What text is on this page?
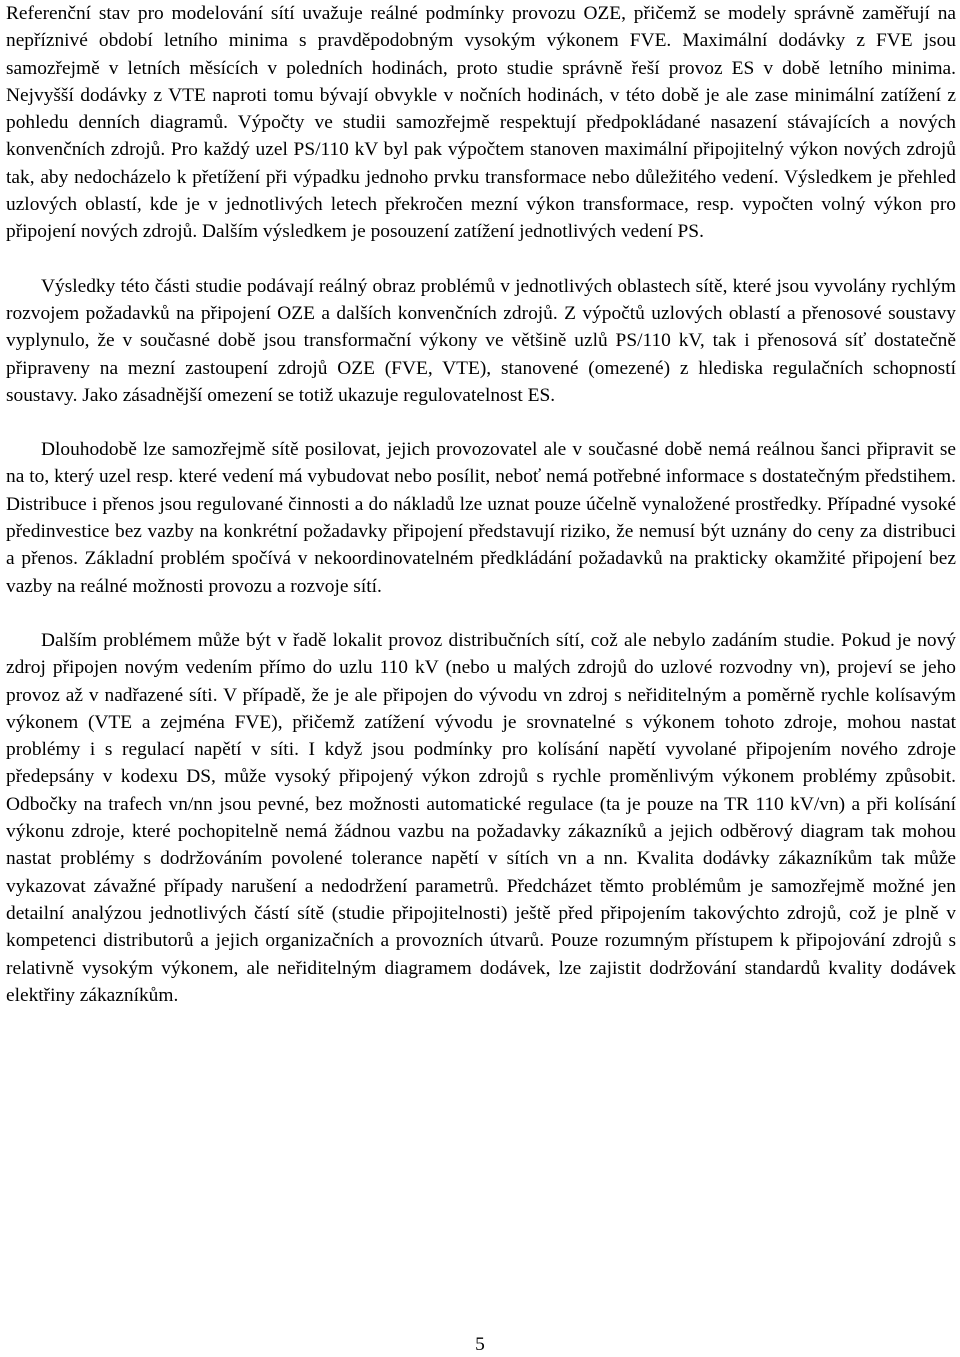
Referenční stav pro modelování sítí uvažuje reálné podmínky provozu OZE, přičemž se modely správně zaměřují na nepříznivé období letního minima s pravděpodobným vysokým výkonem FVE. Maximální dodávky z FVE jsou samozřejmě v letních měsících v poledních hodinách, proto studie správně řeší provoz ES v době letního minima. Nejvyšší dodávky z VTE naproti tomu bývají obvykle v nočních hodinách, v této době je ale zase minimální zatížení z pohledu denních diagramů. Výpočty ve studii samozřejmě respektují předpokládané nasazení stávajících a nových konvenčních zdrojů. Pro každý uzel PS/110 kV byl pak výpočtem stanoven maximální připojitelný výkon nových zdrojů tak, aby nedocházelo k přetížení při výpadku jednoho prvku transformace nebo důležitého vedení. Výsledkem je přehled uzlových oblastí, kde je v jednotlivých letech překročen mezní výkon transformace, resp. vypočten volný výkon pro připojení nových zdrojů. Dalším výsledkem je posouzení zatížení jednotlivých vedení PS.

Výsledky této části studie podávají reálný obraz problémů v jednotlivých oblastech sítě, které jsou vyvolány rychlým rozvojem požadavků na připojení OZE a dalších konvenčních zdrojů. Z výpočtů uzlových oblastí a přenosové soustavy vyplynulo, že v současné době jsou transformační výkony ve většině uzlů PS/110 kV, tak i přenosová síť dostatečně připraveny na mezní zastoupení zdrojů OZE (FVE, VTE), stanovené (omezené) z hlediska regulačních schopností soustavy. Jako zásadnější omezení se totiž ukazuje regulovatelnost ES.

Dlouhodobě lze samozřejmě sítě posilovat, jejich provozovatel ale v současné době nemá reálnou šanci připravit se na to, který uzel resp. které vedení má vybudovat nebo posílit, neboť nemá potřebné informace s dostatečným předstihem. Distribuce i přenos jsou regulované činnosti a do nákladů lze uznat pouze účelně vynaložené prostředky. Případné vysoké předinvestice bez vazby na konkrétní požadavky připojení představují riziko, že nemusí být uznány do ceny za distribuci a přenos. Základní problém spočívá v nekoordinovatelném předkládání požadavků na prakticky okamžité připojení bez vazby na reálné možnosti provozu a rozvoje sítí.

Dalším problémem může být v řadě lokalit provoz distribučních sítí, což ale nebylo zadáním studie. Pokud je nový zdroj připojen novým vedením přímo do uzlu 110 kV (nebo u malých zdrojů do uzlové rozvodny vn), projeví se jeho provoz až v nadřazené síti. V případě, že je ale připojen do vývodu vn zdroj s neřiditelným a poměrně rychle kolísavým výkonem (VTE a zejména FVE), přičemž zatížení vývodu je srovnatelné s výkonem tohoto zdroje, mohou nastat problémy i s regulací napětí v síti. I když jsou podmínky pro kolísání napětí vyvolané připojením nového zdroje předepsány v kodexu DS, může vysoký připojený výkon zdrojů s rychle proměnlivým výkonem problémy způsobit. Odbočky na trafech vn/nn jsou pevné, bez možnosti automatické regulace (ta je pouze na TR 110 kV/vn) a při kolísání výkonu zdroje, které pochopitelně nemá žádnou vazbu na požadavky zákazníků a jejich odběrový diagram tak mohou nastat problémy s dodržováním povolené tolerance napětí v sítích vn a nn. Kvalita dodávky zákazníkům tak může vykazovat závažné případy narušení a nedodržení parametrů. Předcházet těmto problémům je samozřejmě možné jen detailní analýzou jednotlivých částí sítě (studie připojitelnosti) ještě před připojením takovýchto zdrojů, což je plně v kompetenci distributorů a jejich organizačních a provozních útvarů. Pouze rozumným přístupem k připojování zdrojů s relativně vysokým výkonem, ale neřiditelným diagramem dodávek, lze zajistit dodržování standardů kvality dodávek elektřiny zákazníkům.

5
